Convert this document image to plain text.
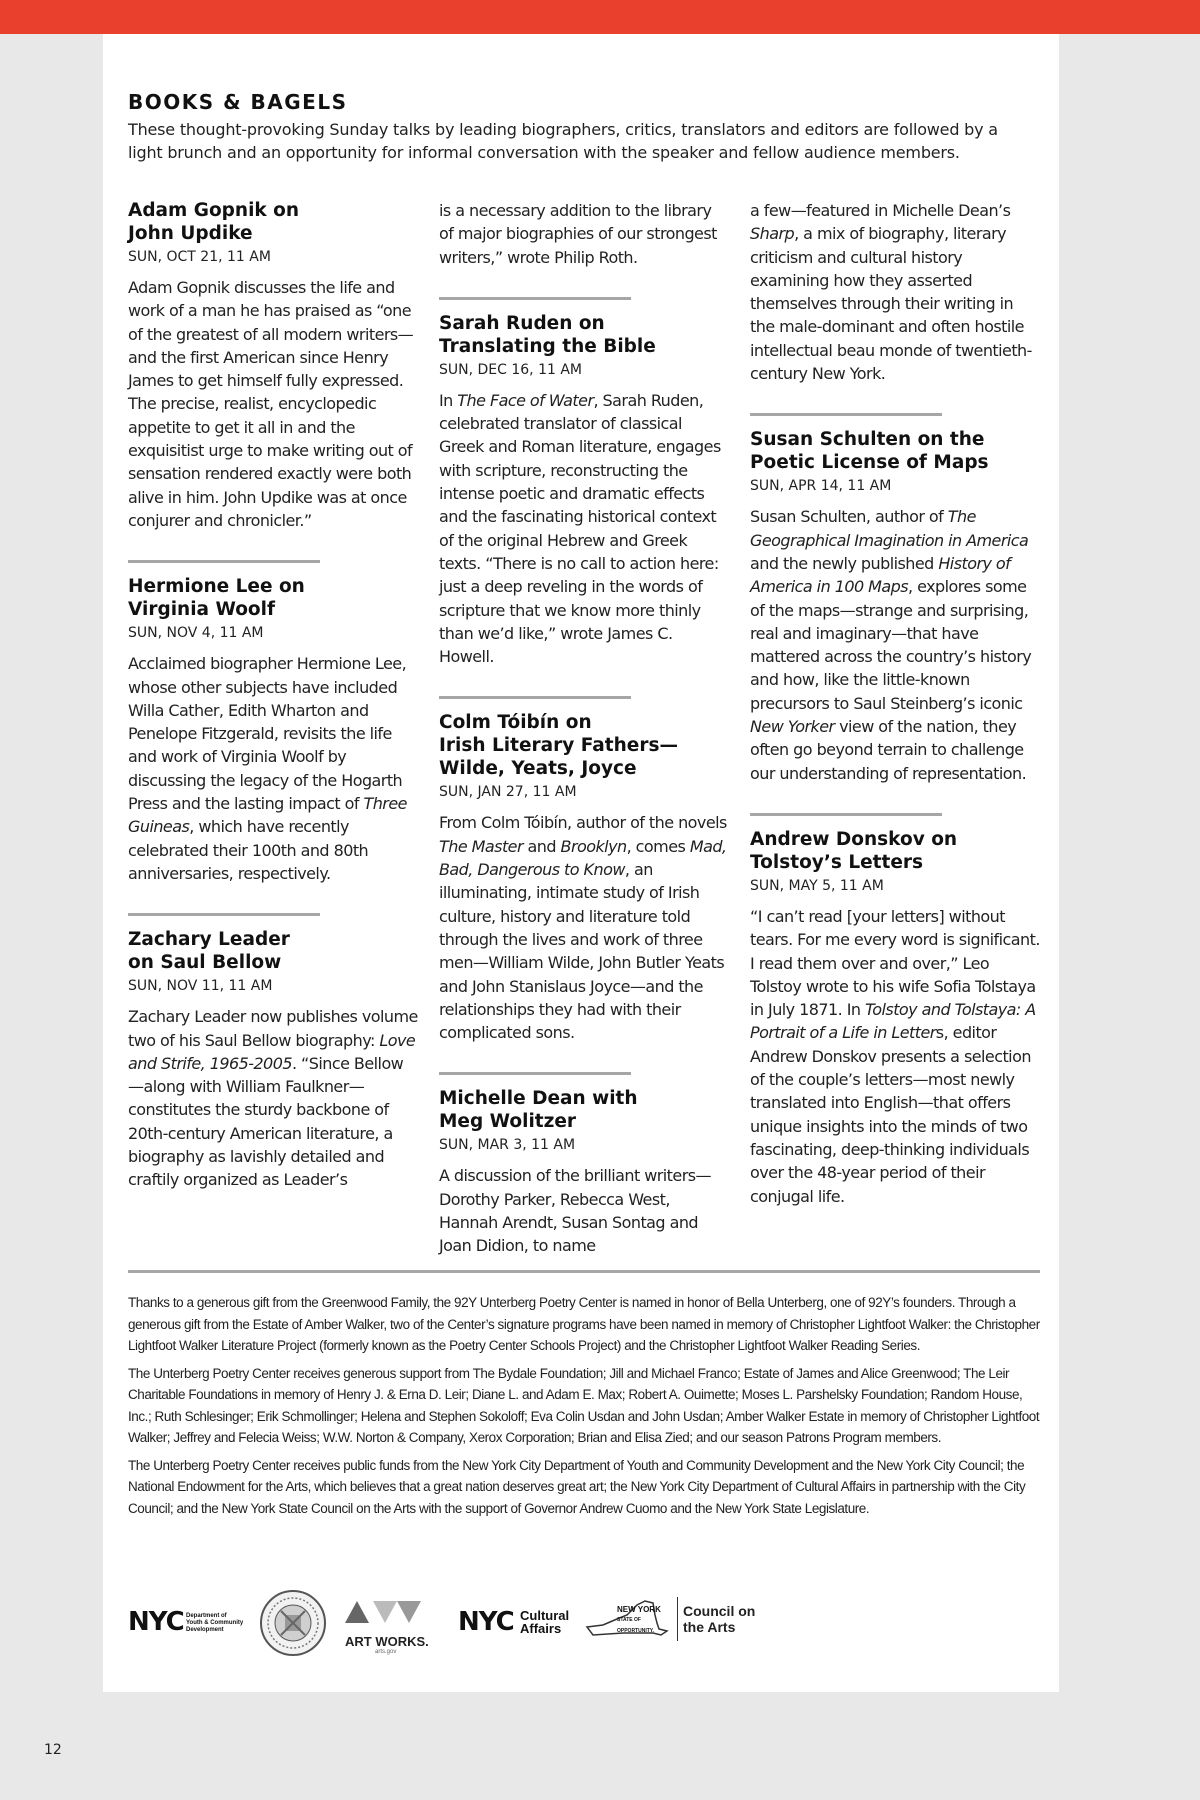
BOOKS & BAGELS
These thought-provoking Sunday talks by leading biographers, critics, translators and editors are followed by a light brunch and an opportunity for informal conversation with the speaker and fellow audience members.
Adam Gopnik on
John Updike
SUN, OCT 21, 11 AM
Adam Gopnik discusses the life and work of a man he has praised as “one of the greatest of all modern writers—and the first American since Henry James to get himself fully expressed. The precise, realist, encyclopedic appetite to get it all in and the exquisitist urge to make writing out of sensation rendered exactly were both alive in him. John Updike was at once conjurer and chronicler.”
Hermione Lee on
Virginia Woolf
SUN, NOV 4, 11 AM
Acclaimed biographer Hermione Lee, whose other subjects have included Willa Cather, Edith Wharton and Penelope Fitzgerald, revisits the life and work of Virginia Woolf by discussing the legacy of the Hogarth Press and the lasting impact of Three Guineas, which have recently celebrated their 100th and 80th anniversaries, respectively.
Zachary Leader
on Saul Bellow
SUN, NOV 11, 11 AM
Zachary Leader now publishes volume two of his Saul Bellow biography: Love and Strife, 1965-2005. “Since Bellow—along with William Faulkner—constitutes the sturdy backbone of 20th-century American literature, a biography as lavishly detailed and craftily organized as Leader’s
is a necessary addition to the library of major biographies of our strongest writers,” wrote Philip Roth.
Sarah Ruden on
Translating the Bible
SUN, DEC 16, 11 AM
In The Face of Water, Sarah Ruden, celebrated translator of classical Greek and Roman literature, engages with scripture, reconstructing the intense poetic and dramatic effects and the fascinating historical context of the original Hebrew and Greek texts. “There is no call to action here: just a deep reveling in the words of scripture that we know more thinly than we’d like,” wrote James C. Howell.
Colm Tóibín on
Irish Literary Fathers—
Wilde, Yeats, Joyce
SUN, JAN 27, 11 AM
From Colm Tóibín, author of the novels The Master and Brooklyn, comes Mad, Bad, Dangerous to Know, an illuminating, intimate study of Irish culture, history and literature told through the lives and work of three men—William Wilde, John Butler Yeats and John Stanislaus Joyce—and the relationships they had with their complicated sons.
Michelle Dean with
Meg Wolitzer
SUN, MAR 3, 11 AM
A discussion of the brilliant writers—Dorothy Parker, Rebecca West, Hannah Arendt, Susan Sontag and Joan Didion, to name
a few—featured in Michelle Dean’s Sharp, a mix of biography, literary criticism and cultural history examining how they asserted themselves through their writing in the male-dominant and often hostile intellectual beau monde of twentieth-century New York.
Susan Schulten on the
Poetic License of Maps
SUN, APR 14, 11 AM
Susan Schulten, author of The Geographical Imagination in America and the newly published History of America in 100 Maps, explores some of the maps—strange and surprising, real and imaginary—that have mattered across the country’s history and how, like the little-known precursors to Saul Steinberg’s iconic New Yorker view of the nation, they often go beyond terrain to challenge our understanding of representation.
Andrew Donskov on
Tolstoy’s Letters
SUN, MAY 5, 11 AM
“I can’t read [your letters] without tears. For me every word is significant. I read them over and over,” Leo Tolstoy wrote to his wife Sofia Tolstaya in July 1871. In Tolstoy and Tolstaya: A Portrait of a Life in Letters, editor Andrew Donskov presents a selection of the couple’s letters—most newly translated into English—that offers unique insights into the minds of two fascinating, deep-thinking individuals over the 48-year period of their conjugal life.

Thanks to a generous gift from the Greenwood Family, the 92Y Unterberg Poetry Center is named in honor of Bella Unterberg, one of 92Y’s founders. Through a generous gift from the Estate of Amber Walker, two of the Center’s signature programs have been named in memory of Christopher Lightfoot Walker: the Christopher Lightfoot Walker Literature Project (formerly known as the Poetry Center Schools Project) and the Christopher Lightfoot Walker Reading Series.

The Unterberg Poetry Center receives generous support from The Bydale Foundation; Jill and Michael Franco; Estate of James and Alice Greenwood; The Leir Charitable Foundations in memory of Henry J. & Erna D. Leir; Diane L. and Adam E. Max; Robert A. Ouimette; Moses L. Parshelsky Foundation; Random House, Inc.; Ruth Schlesinger; Erik Schmollinger; Helena and Stephen Sokoloff; Eva Colin Usdan and John Usdan; Amber Walker Estate in memory of Christopher Lightfoot Walker; Jeffrey and Felecia Weiss; W.W. Norton & Company, Xerox Corporation; Brian and Elisa Zied; and our season Patrons Program members.

The Unterberg Poetry Center receives public funds from the New York City Department of Youth and Community Development and the New York City Council; the National Endowment for the Arts, which believes that a great nation deserves great art; the New York City Department of Cultural Affairs in partnership with the City Council; and the New York State Council on the Arts with the support of Governor Andrew Cuomo and the New York State Legislature.

NYC Department of
Youth & Community
Development
ART WORKS.
arts.gov
NYC Cultural
Affairs
NEW YORK
STATE OF
OPPORTUNITY.
Council on
the Arts
12
